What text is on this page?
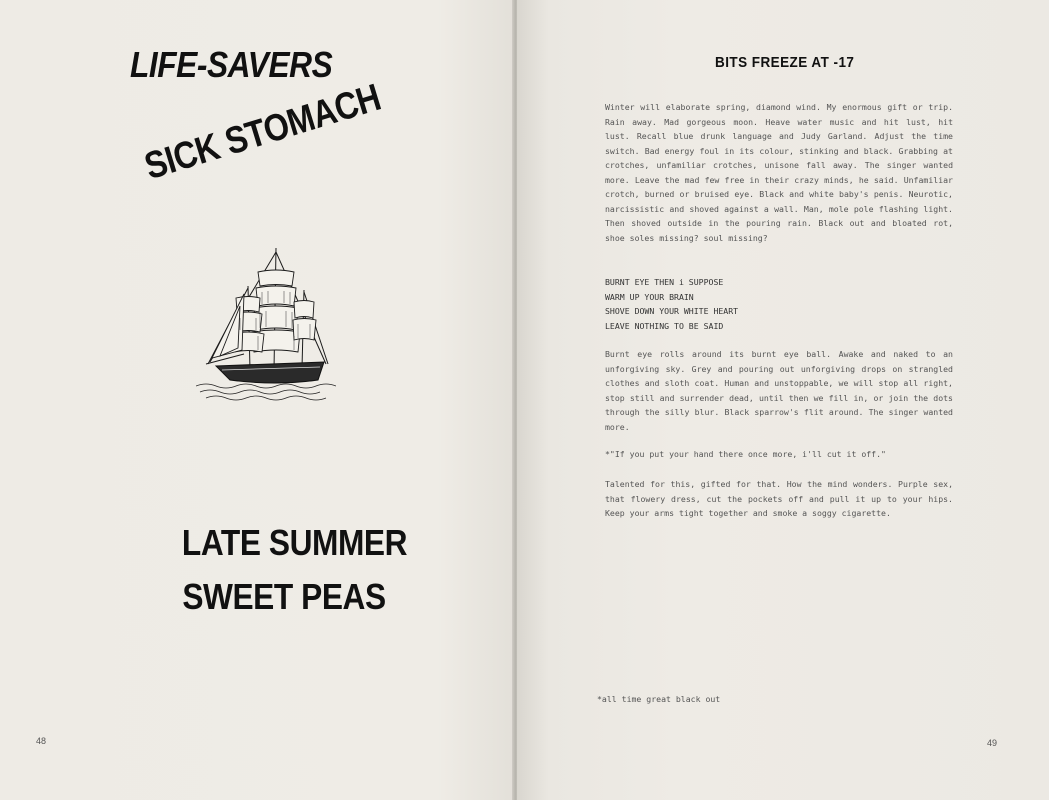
LIFE-SAVERS
SICK STOMACH
LATE SUMMER
SWEET PEAS
48
BITS FREEZE AT -17
Winter will elaborate spring, diamond wind. My enormous gift or trip. Rain away. Mad gorgeous moon. Heave water music and hit lust, hit lust. Recall blue drunk language and Judy Garland. Adjust the time switch. Bad energy foul in its colour, stinking and black. Grabbing at crotches, unfamiliar crotches, unisone fall away. The singer wanted more. Leave the mad few free in their crazy minds, he said. Unfamiliar crotch, burned or bruised eye. Black and white baby's penis. Neurotic, narcissistic and shoved against a wall. Man, mole pole flashing light. Then shoved outside in the pouring rain. Black out and bloated rot, shoe soles missing? soul missing?
BURNT EYE THEN i SUPPOSE
WARM UP YOUR BRAIN
SHOVE DOWN YOUR WHITE HEART
LEAVE NOTHING TO BE SAID
Burnt eye rolls around its burnt eye ball. Awake and naked to an unforgiving sky. Grey and pouring out unforgiving drops on strangled clothes and sloth coat. Human and unstoppable, we will stop all right, stop still and surrender dead, until then we fill in, or join the dots through the silly blur. Black sparrow's flit around. The singer wanted more.
*"If you put your hand there once more, i'll cut it off."
Talented for this, gifted for that. How the mind wonders. Purple sex, that flowery dress, cut the pockets off and pull it up to your hips. Keep your arms tight together and smoke a soggy cigarette.
*all time great black out
49
